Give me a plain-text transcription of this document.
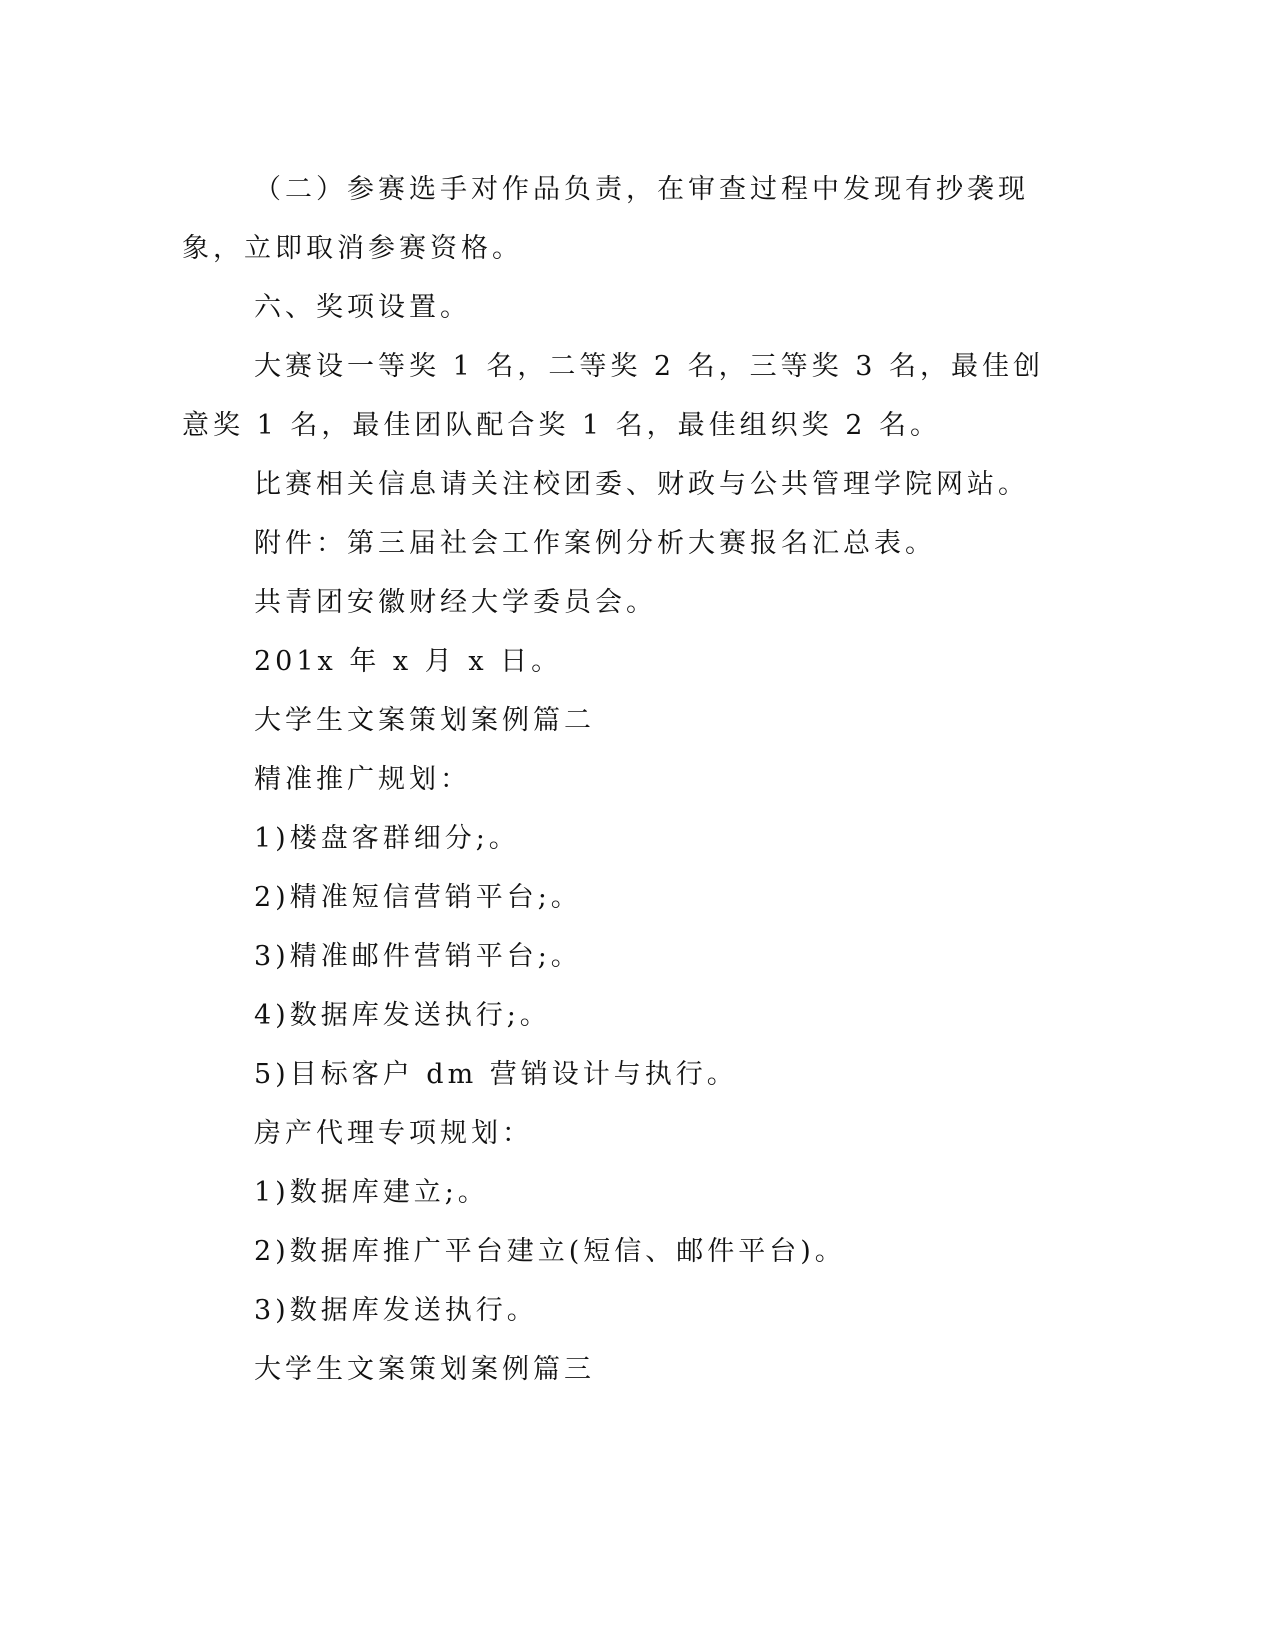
（二）参赛选手对作品负责，在审查过程中发现有抄袭现象，立即取消参赛资格。

六、奖项设置。

大赛设一等奖 1 名，二等奖 2 名，三等奖 3 名，最佳创意奖 1 名，最佳团队配合奖 1 名，最佳组织奖 2 名。

比赛相关信息请关注校团委、财政与公共管理学院网站。

附件：第三届社会工作案例分析大赛报名汇总表。

共青团安徽财经大学委员会。

201x 年 x 月 x 日。

大学生文案策划案例篇二

精准推广规划：

1)楼盘客群细分;。

2)精准短信营销平台;。

3)精准邮件营销平台;。

4)数据库发送执行;。

5)目标客户 dm 营销设计与执行。

房产代理专项规划：

1)数据库建立;。

2)数据库推广平台建立(短信、邮件平台)。

3)数据库发送执行。

大学生文案策划案例篇三
